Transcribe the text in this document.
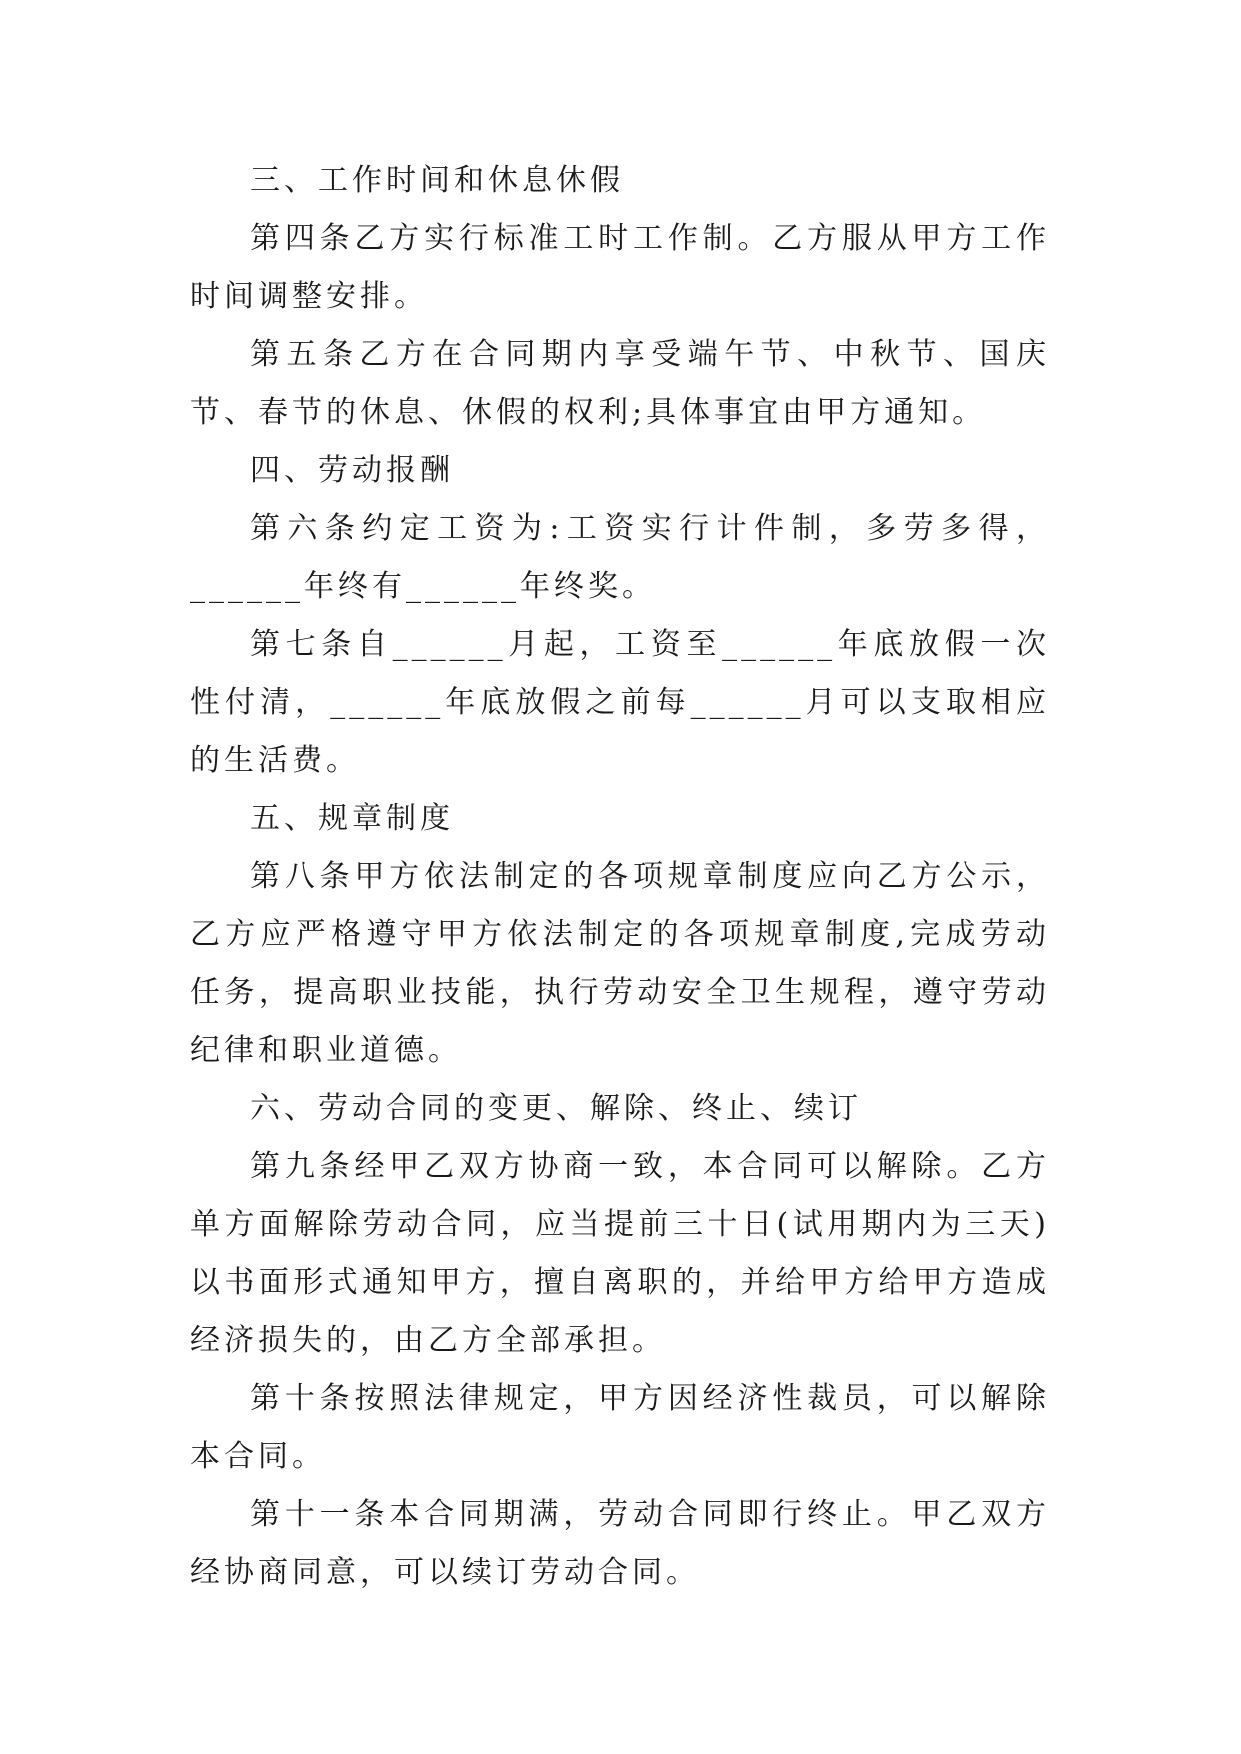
三、工作时间和休息休假

第四条乙方实行标准工时工作制。乙方服从甲方工作时间调整安排。

第五条乙方在合同期内享受端午节、中秋节、国庆节、春节的休息、休假的权利;具体事宜由甲方通知。

四、劳动报酬

第六条约定工资为:工资实行计件制，多劳多得，______年终有______年终奖。

第七条自______月起，工资至______年底放假一次性付清，______年底放假之前每______月可以支取相应的生活费。

五、规章制度

第八条甲方依法制定的各项规章制度应向乙方公示，乙方应严格遵守甲方依法制定的各项规章制度,完成劳动任务，提高职业技能，执行劳动安全卫生规程，遵守劳动纪律和职业道德。

六、劳动合同的变更、解除、终止、续订

第九条经甲乙双方协商一致，本合同可以解除。乙方单方面解除劳动合同，应当提前三十日(试用期内为三天)以书面形式通知甲方，擅自离职的，并给甲方给甲方造成经济损失的，由乙方全部承担。

第十条按照法律规定，甲方因经济性裁员，可以解除本合同。

第十一条本合同期满，劳动合同即行终止。甲乙双方经协商同意，可以续订劳动合同。
